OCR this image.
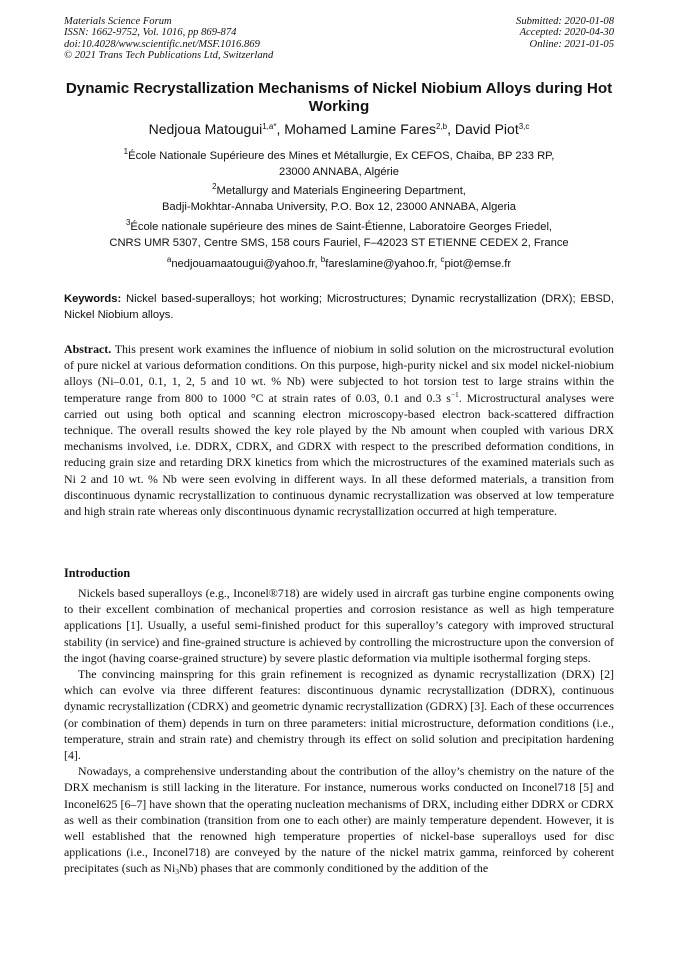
Materials Science Forum
ISSN: 1662-9752, Vol. 1016, pp 869-874
doi:10.4028/www.scientific.net/MSF.1016.869
© 2021 Trans Tech Publications Ltd, Switzerland
Submitted: 2020-01-08
Accepted: 2020-04-30
Online: 2021-01-05
Dynamic Recrystallization Mechanisms of Nickel Niobium Alloys during Hot Working
Nedjoua Matougui$^{1,a*}$, Mohamed Lamine Fares$^{2,b}$, David Piot$^{3,c}$
$^1$École Nationale Supérieure des Mines et Métallurgie, Ex CEFOS, Chaiba, BP 233 RP,
23000 ANNABA, Algérie
$^2$Metallurgy and Materials Engineering Department,
Badji-Mokhtar-Annaba University, P.O. Box 12, 23000 ANNABA, Algeria
$^3$École nationale supérieure des mines de Saint-Étienne, Laboratoire Georges Friedel,
CNRS UMR 5307, Centre SMS, 158 cours Fauriel, F–42023 ST ETIENNE CEDEX 2, France
$^a$nedjouamaatougui@yahoo.fr, $^b$fareslamine@yahoo.fr, $^c$piot@emse.fr
Keywords: Nickel based-superalloys; hot working; Microstructures; Dynamic recrystallization (DRX); EBSD, Nickel Niobium alloys.
Abstract. This present work examines the influence of niobium in solid solution on the microstructural evolution of pure nickel at various deformation conditions. On this purpose, high-purity nickel and six model nickel-niobium alloys (Ni–0.01, 0.1, 1, 2, 5 and 10 wt. % Nb) were subjected to hot torsion test to large strains within the temperature range from 800 to 1000 °C at strain rates of 0.03, 0.1 and 0.3 $s^{-1}$. Microstructural analyses were carried out using both optical and scanning electron microscopy-based electron back-scattered diffraction technique. The overall results showed the key role played by the Nb amount when coupled with various DRX mechanisms involved, i.e. DDRX, CDRX, and GDRX with respect to the prescribed deformation conditions, in reducing grain size and retarding DRX kinetics from which the microstructures of the examined materials such as Ni 2 and 10 wt. % Nb were seen evolving in different ways. In all these deformed materials, a transition from discontinuous dynamic recrystallization to continuous dynamic recrystallization was observed at low temperature and high strain rate whereas only discontinuous dynamic recrystallization occurred at high temperature.
Introduction

Nickels based superalloys (e.g., Inconel®718) are widely used in aircraft gas turbine engine components owing to their excellent combination of mechanical properties and corrosion resistance as well as high temperature applications [1]. Usually, a useful semi-finished product for this superalloy’s category with improved structural stability (in service) and fine-grained structure is achieved by controlling the microstructure upon the conversion of the ingot (having coarse-grained structure) by severe plastic deformation via multiple isothermal forging steps.

The convincing mainspring for this grain refinement is recognized as dynamic recrystallization (DRX) [2] which can evolve via three different features: discontinuous dynamic recrystallization (DDRX), continuous dynamic recrystallization (CDRX) and geometric dynamic recrystallization (GDRX) [3]. Each of these occurrences (or combination of them) depends in turn on three parameters: initial microstructure, deformation conditions (i.e., temperature, strain and strain rate) and chemistry through its effect on solid solution and precipitation hardening [4].

Nowadays, a comprehensive understanding about the contribution of the alloy’s chemistry on the nature of the DRX mechanism is still lacking in the literature. For instance, numerous works conducted on Inconel718 [5] and Inconel625 [6–7] have shown that the operating nucleation mechanisms of DRX, including either DDRX or CDRX as well as their combination (transition from one to each other) are mainly temperature dependent. However, it is well established that the renowned high temperature properties of nickel-base superalloys used for disc applications (i.e., Inconel718) are conveyed by the nature of the nickel matrix gamma, reinforced by coherent precipitates (such as $Ni_3Nb$) phases that are commonly conditioned by the addition of the
